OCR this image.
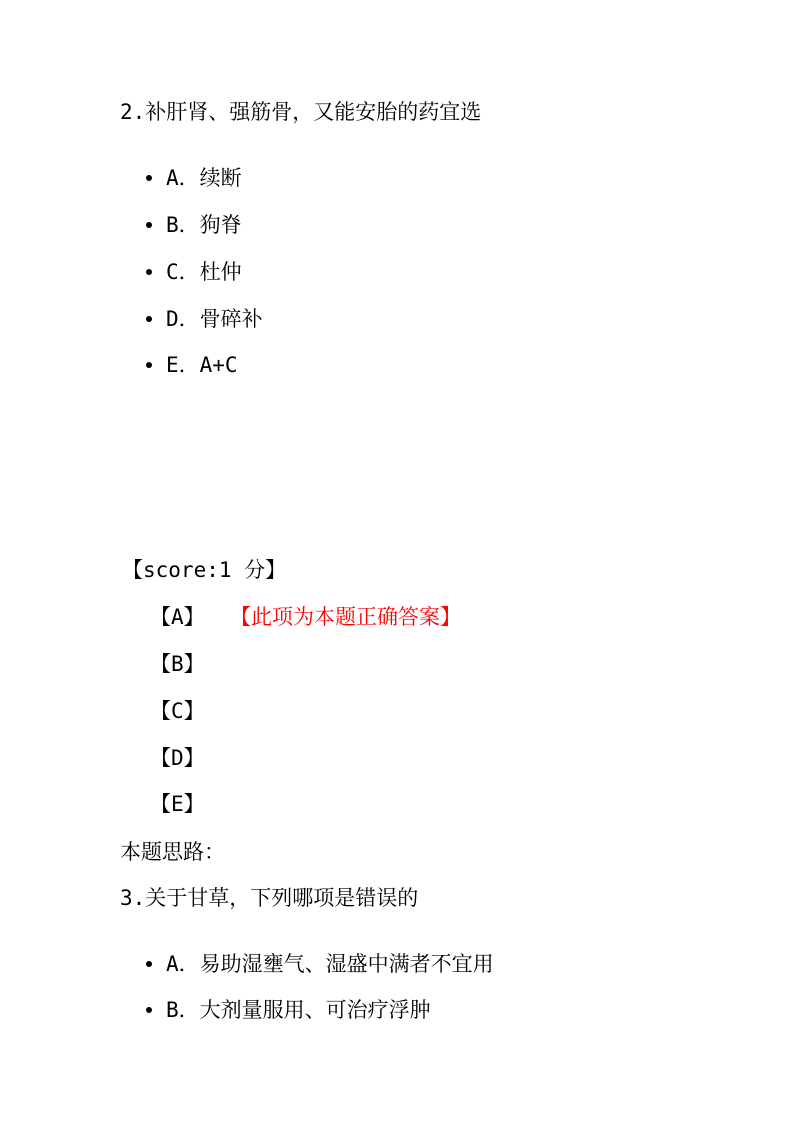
2.补肝肾、强筋骨，又能安胎的药宜选
A．续断
B．狗脊
C．杜仲
D．骨碎补
E．A+C
【score:1 分】
【A】 【此项为本题正确答案】
【B】
【C】
【D】
【E】
本题思路：
3.关于甘草，下列哪项是错误的
A．易助湿壅气、湿盛中满者不宜用
B．大剂量服用、可治疗浮肿
